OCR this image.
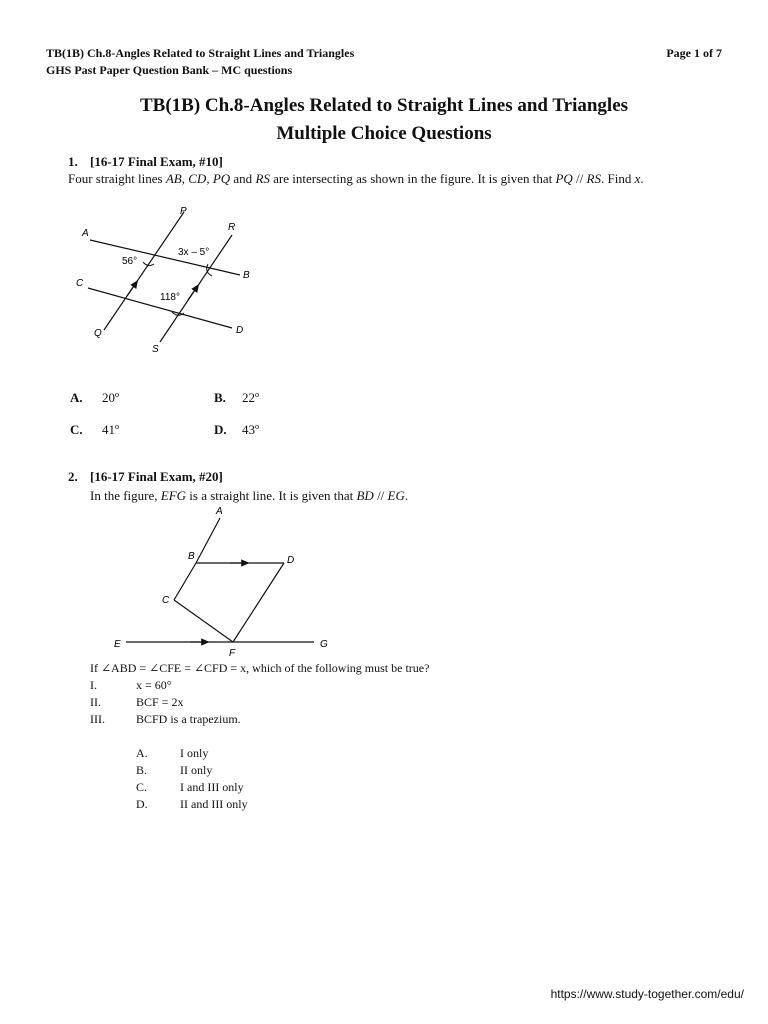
TB(1B) Ch.8-Angles Related to Straight Lines and Triangles
GHS Past Paper Question Bank – MC questions
Page 1 of 7
TB(1B) Ch.8-Angles Related to Straight Lines and Triangles
Multiple Choice Questions
1. [16-17 Final Exam, #10]
Four straight lines AB, CD, PQ and RS are intersecting as shown in the figure. It is given that PQ // RS. Find x.
A
B
C
D
P
Q
R
S
56°
3x – 5°
118°
A. 20º	B. 22º
C. 41º	D. 43º
2. [16-17 Final Exam, #20]
In the figure, EFG is a straight line. It is given that BD // EG.
A
B
C
D
E
F
G
If ∠ABD = ∠CFE = ∠CFD = x, which of the following must be true?
I.	x = 60°
II.	BCF = 2x
III.	BCFD is a trapezium.
A.	I only
B.	II only
C.	I and III only
D.	II and III only
https://www.study-together.com/edu/
